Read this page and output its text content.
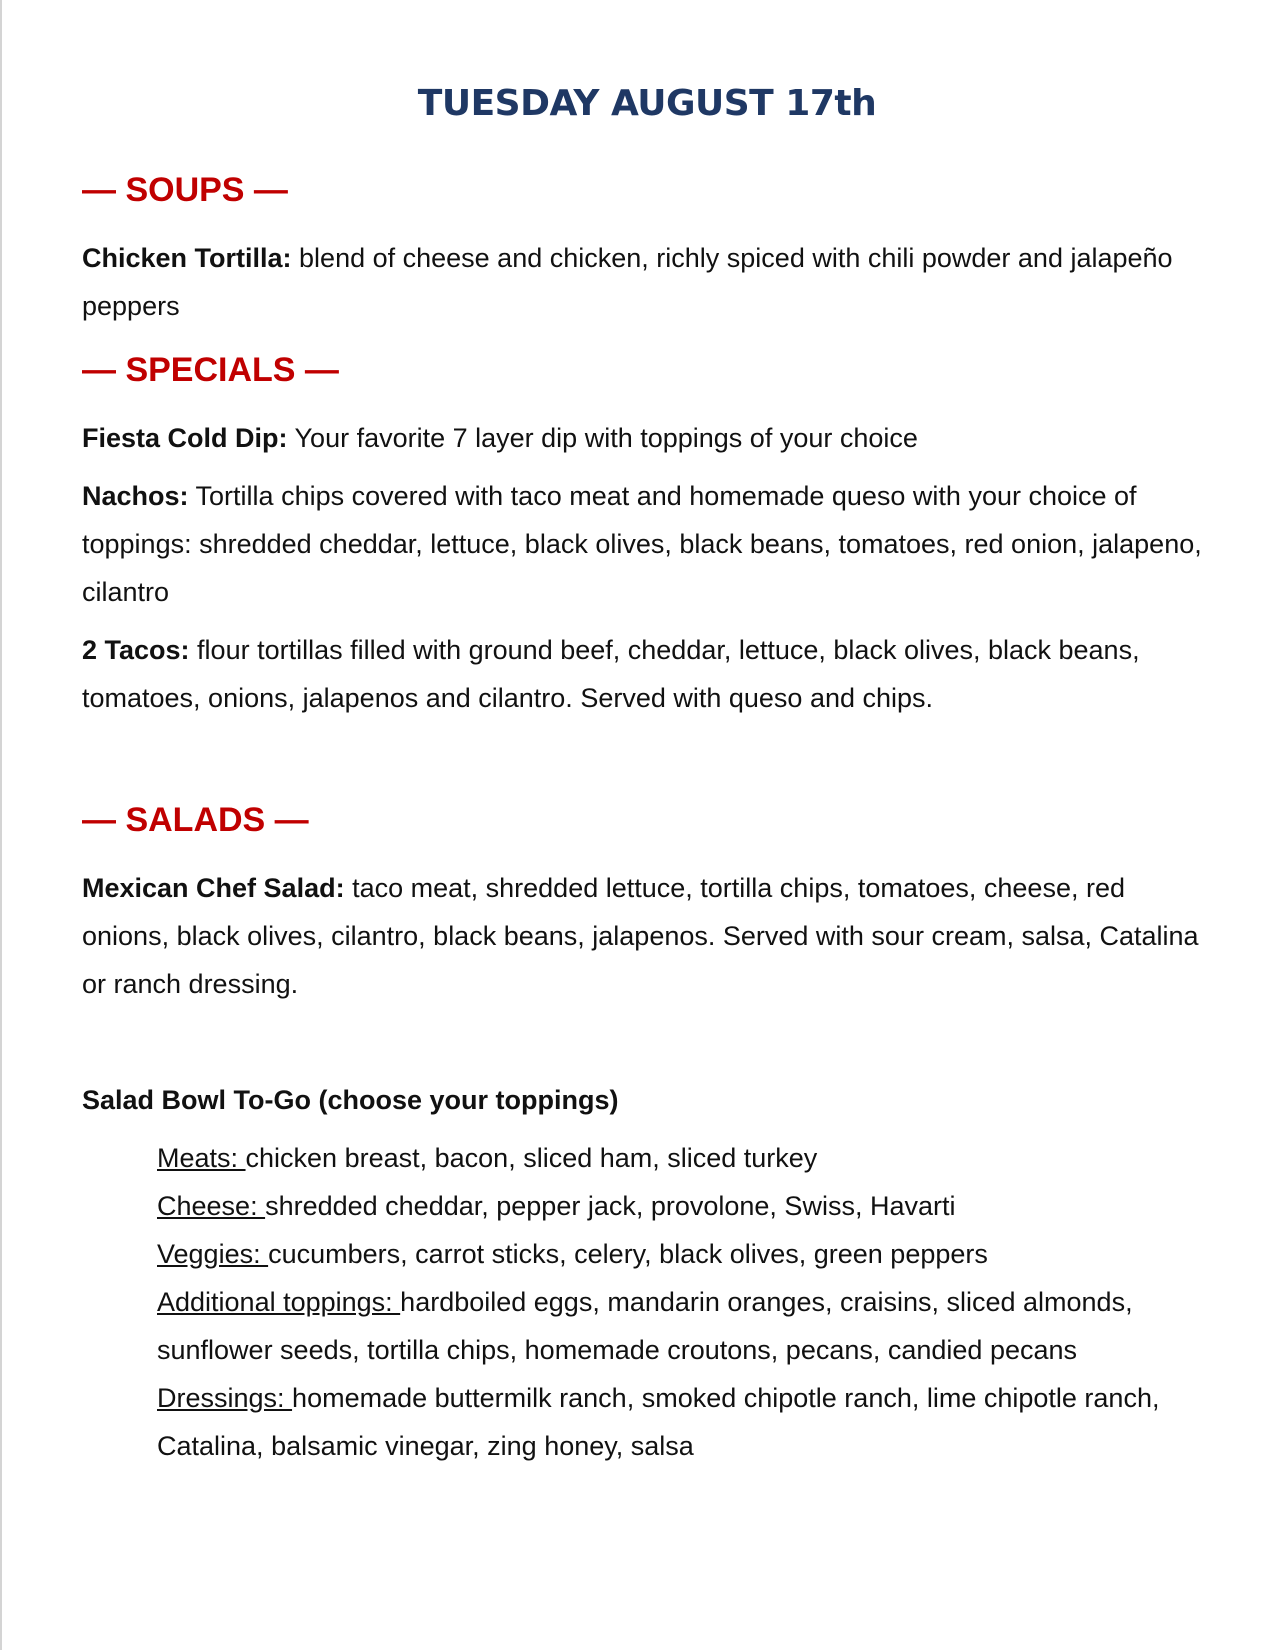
TUESDAY AUGUST 17th
— SOUPS —

Chicken Tortilla: blend of cheese and chicken, richly spiced with chili powder and jalapeño peppers

— SPECIALS —

Fiesta Cold Dip: Your favorite 7 layer dip with toppings of your choice

Nachos: Tortilla chips covered with taco meat and homemade queso with your choice of toppings: shredded cheddar, lettuce, black olives, black beans, tomatoes, red onion, jalapeno, cilantro

2 Tacos: flour tortillas filled with ground beef, cheddar, lettuce, black olives, black beans, tomatoes, onions, jalapenos and cilantro. Served with queso and chips.

— SALADS —

Mexican Chef Salad: taco meat, shredded lettuce, tortilla chips, tomatoes, cheese, red onions, black olives, cilantro, black beans, jalapenos. Served with sour cream, salsa, Catalina or ranch dressing.

Salad Bowl To-Go (choose your toppings)

Meats: chicken breast, bacon, sliced ham, sliced turkey

Cheese: shredded cheddar, pepper jack, provolone, Swiss, Havarti

Veggies: cucumbers, carrot sticks, celery, black olives, green peppers

Additional toppings: hardboiled eggs, mandarin oranges, craisins, sliced almonds, sunflower seeds, tortilla chips, homemade croutons, pecans, candied pecans

Dressings: homemade buttermilk ranch, smoked chipotle ranch, lime chipotle ranch, Catalina, balsamic vinegar, zing honey, salsa
